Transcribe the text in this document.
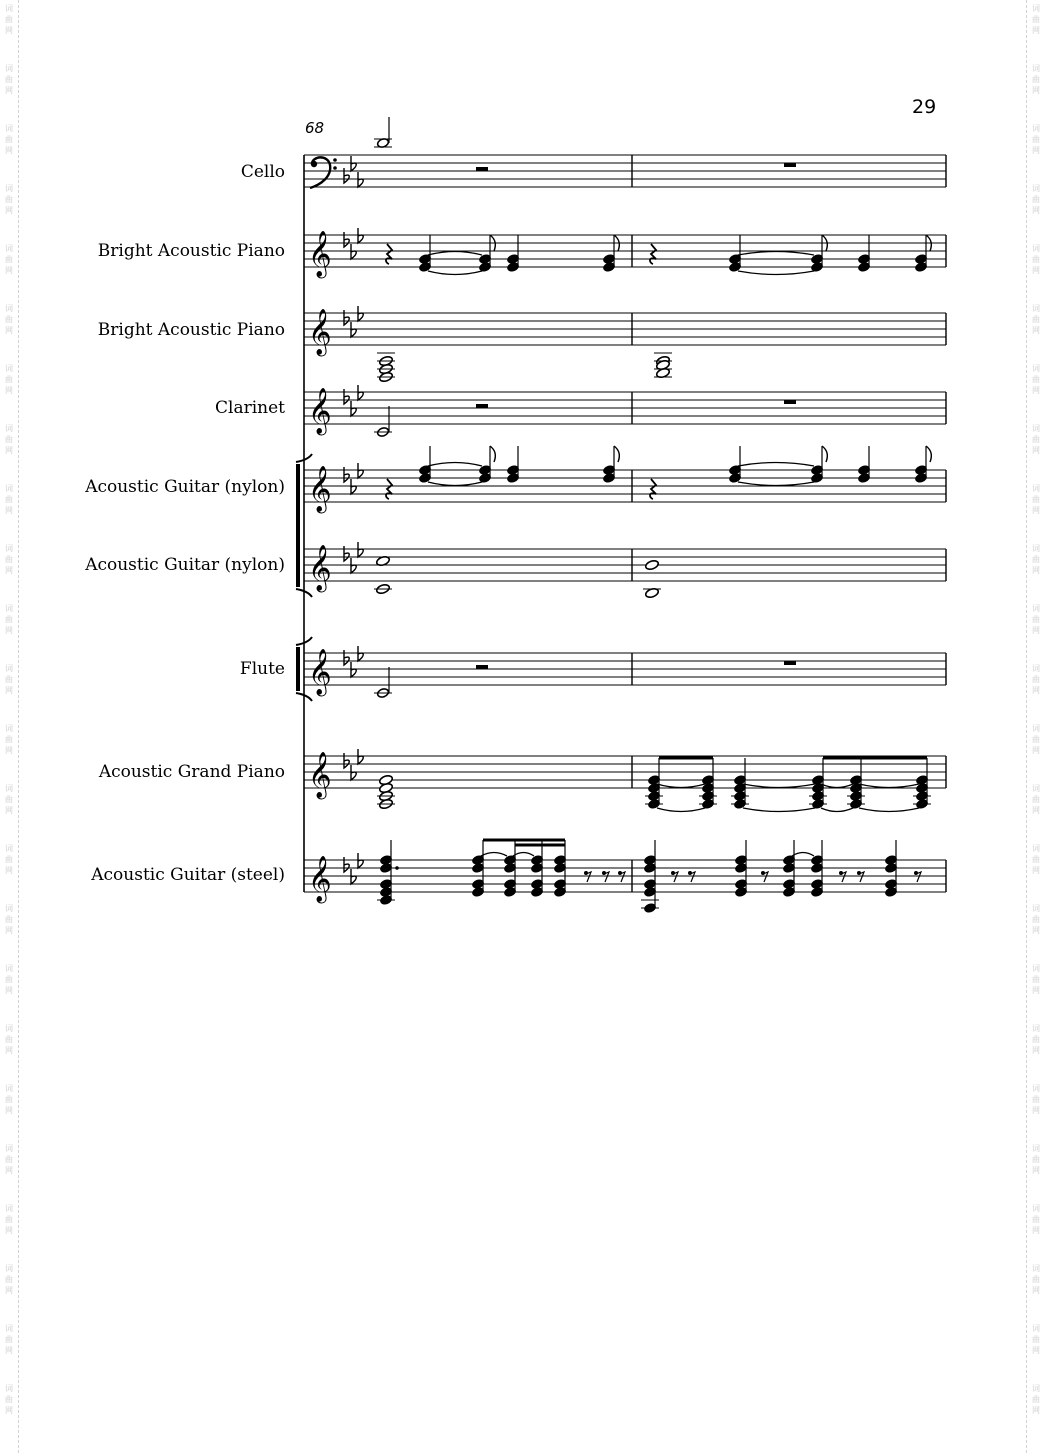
词
曲
网
词
曲
网
词
曲
网
词
曲
网
词
曲
网
词
曲
网
词
曲
网
词
曲
网
词
曲
网
词
曲
网
词
曲
网
词
曲
网
词
曲
网
词
曲
网
词
曲
网
词
曲
网
词
曲
网
词
曲
网
词
曲
网
词
曲
网
词
曲
网
词
曲
网
词
曲
网
词
曲
网
词
曲
网
词
曲
网
词
曲
网
词
曲
网
词
曲
网
词
曲
网
词
曲
网
词
曲
网
词
曲
网
词
曲
网
词
曲
网
词
曲
网
词
曲
网
词
曲
网
词
曲
网
词
曲
网
词
曲
网
词
曲
网
词
曲
网
词
曲
网
词
曲
网
词
曲
网
词
曲
网
词
曲
网
29
68
Cello
Bright Acoustic Piano
Bright Acoustic Piano
Clarinet
Acoustic Guitar (nylon)
Acoustic Guitar (nylon)
Flute
Acoustic Grand Piano
Acoustic Guitar (steel)
𝄞
𝄞
𝄞
𝄞
𝄞
𝄞
𝄞
𝄞
